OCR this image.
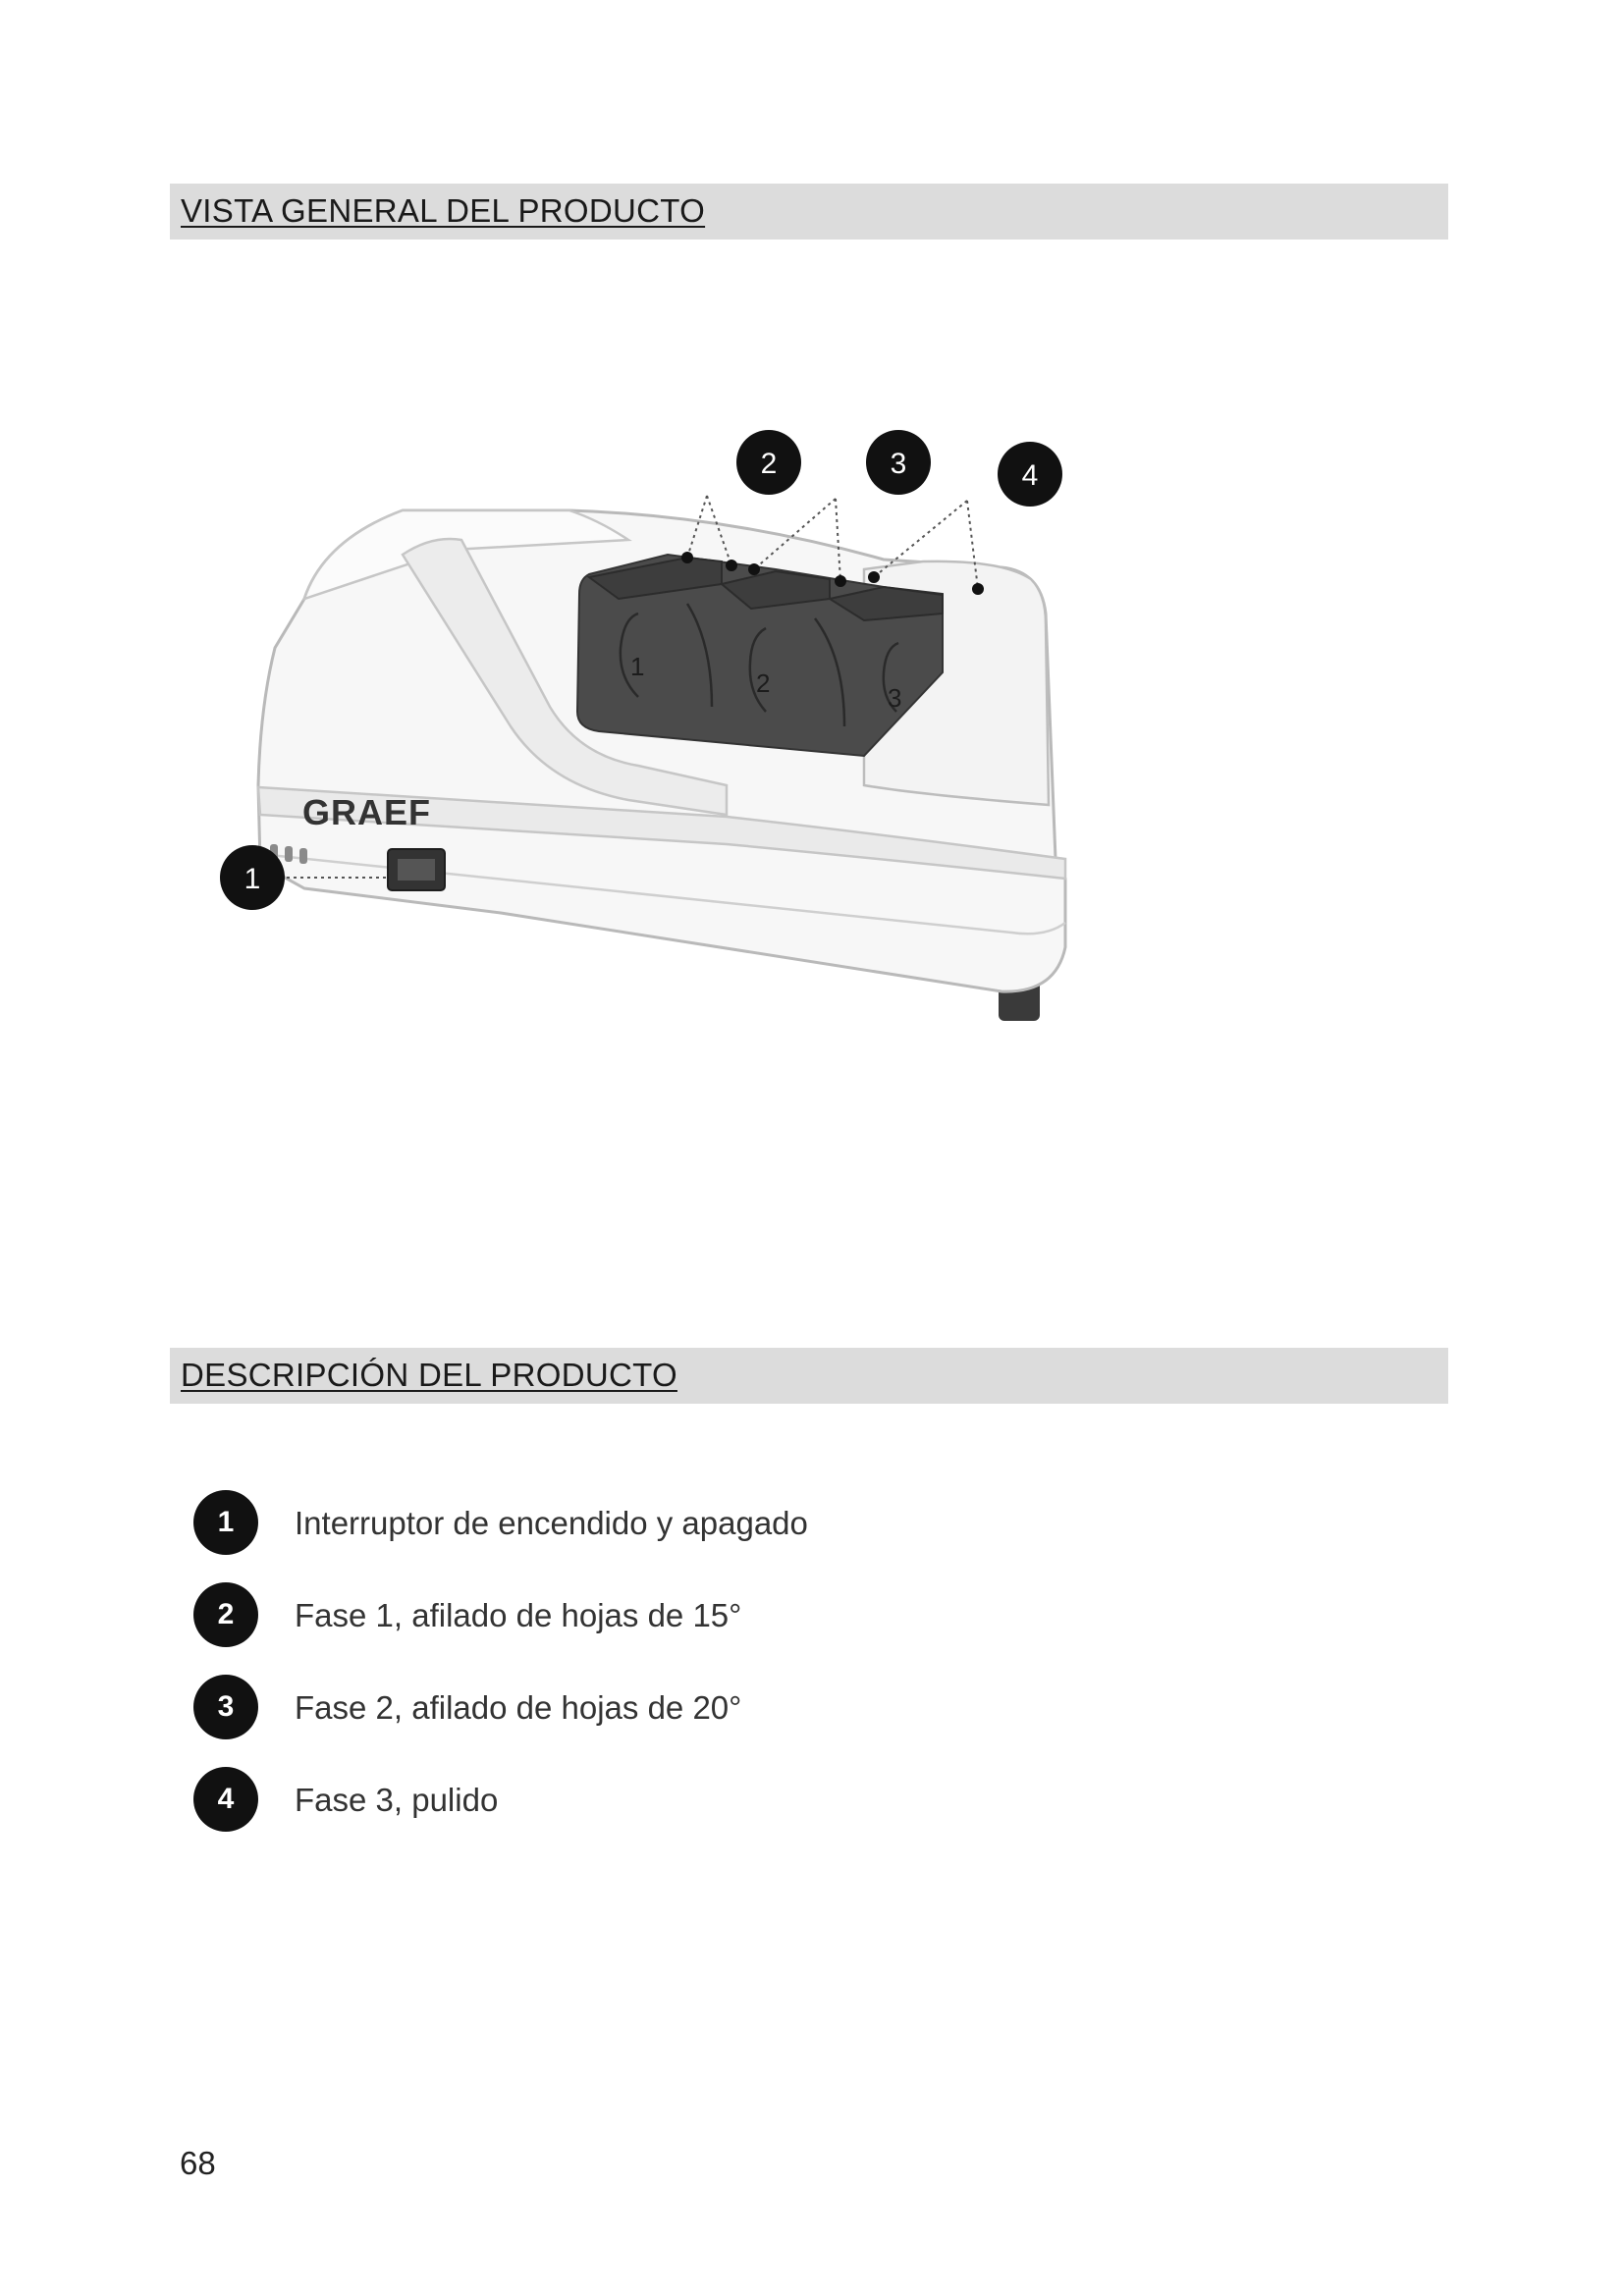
VISTA GENERAL DEL PRODUCTO
1
2	3
GRAEF
1
2	3	4
DESCRIPCIÓN DEL PRODUCTO
1	Interruptor de encendido y apagado
2	Fase 1, afilado de hojas de 15°
3	Fase 2, afilado de hojas de 20°
4	Fase 3, pulido
68
